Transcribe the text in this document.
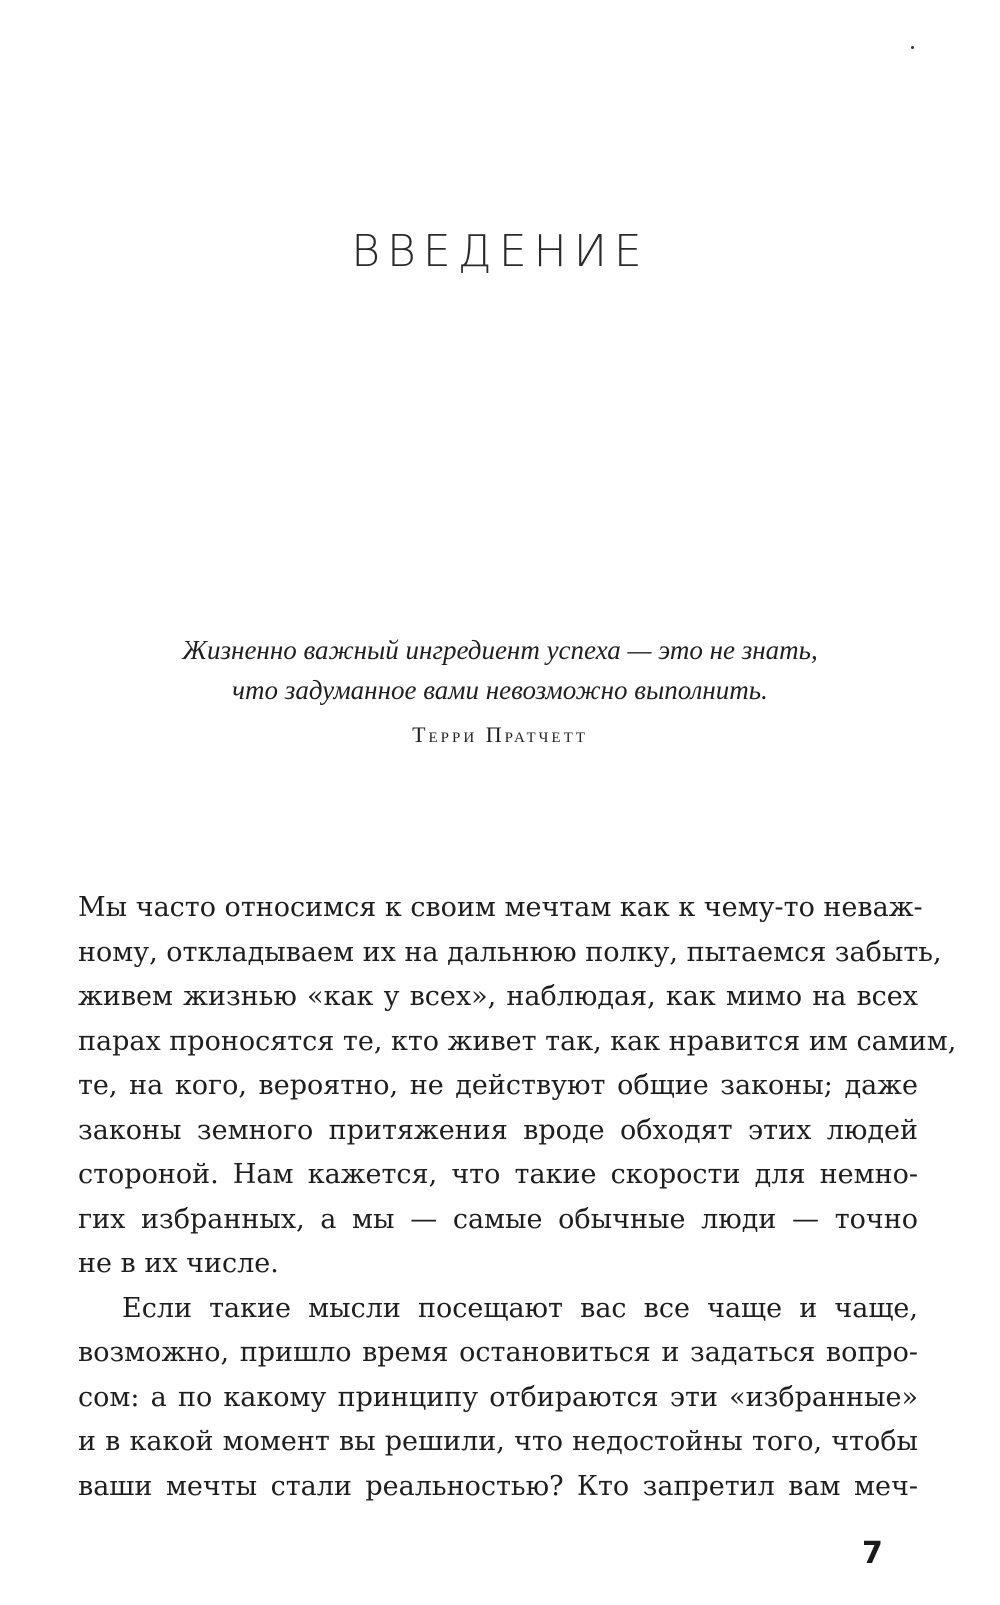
ВВЕДЕНИЕ
Жизненно важный ингредиент успеха — это не знать,
что задуманное вами невозможно выполнить.
Терри Пратчетт
Мы часто относимся к своим мечтам как к чему-то неваж-
ному, откладываем их на дальнюю полку, пытаемся забыть,
живем жизнью «как у всех», наблюдая, как мимо на всех
парах проносятся те, кто живет так, как нравится им самим,
те, на кого, вероятно, не действуют общие законы; даже
законы земного притяжения вроде обходят этих людей
стороной. Нам кажется, что такие скорости для немно-
гих избранных, а мы — самые обычные люди — точно
не в их числе.
Если такие мысли посещают вас все чаще и чаще,
возможно, пришло время остановиться и задаться вопро-
сом: а по какому принципу отбираются эти «избранные»
и в какой момент вы решили, что недостойны того, чтобы
ваши мечты стали реальностью? Кто запретил вам меч-
7
